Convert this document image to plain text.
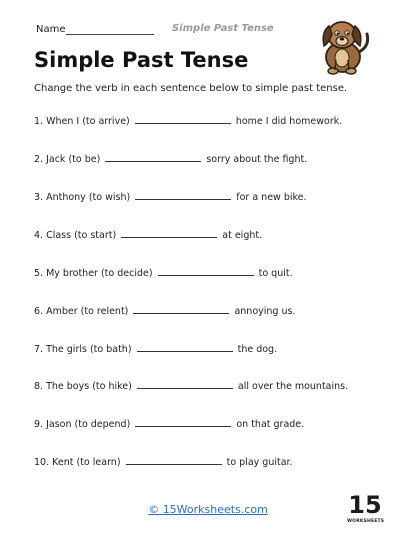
Name	Simple Past Tense
Simple Past Tense
Change the verb in each sentence below to simple past tense.
1. When I (to arrive)	home I did homework.
2. Jack (to be)	sorry about the fight.
3. Anthony (to wish)	for a new bike.
4. Class (to start)	at eight.
5. My brother (to decide)	to quit.
6. Amber (to relent)	annoying us.
7. The girls (to bath)	the dog.
8. The boys (to hike)	all over the mountains.
9. Jason (to depend)	on that grade.
10. Kent (to learn)	to play guitar.
© 15Worksheets.com	15
WORKSHEETS
